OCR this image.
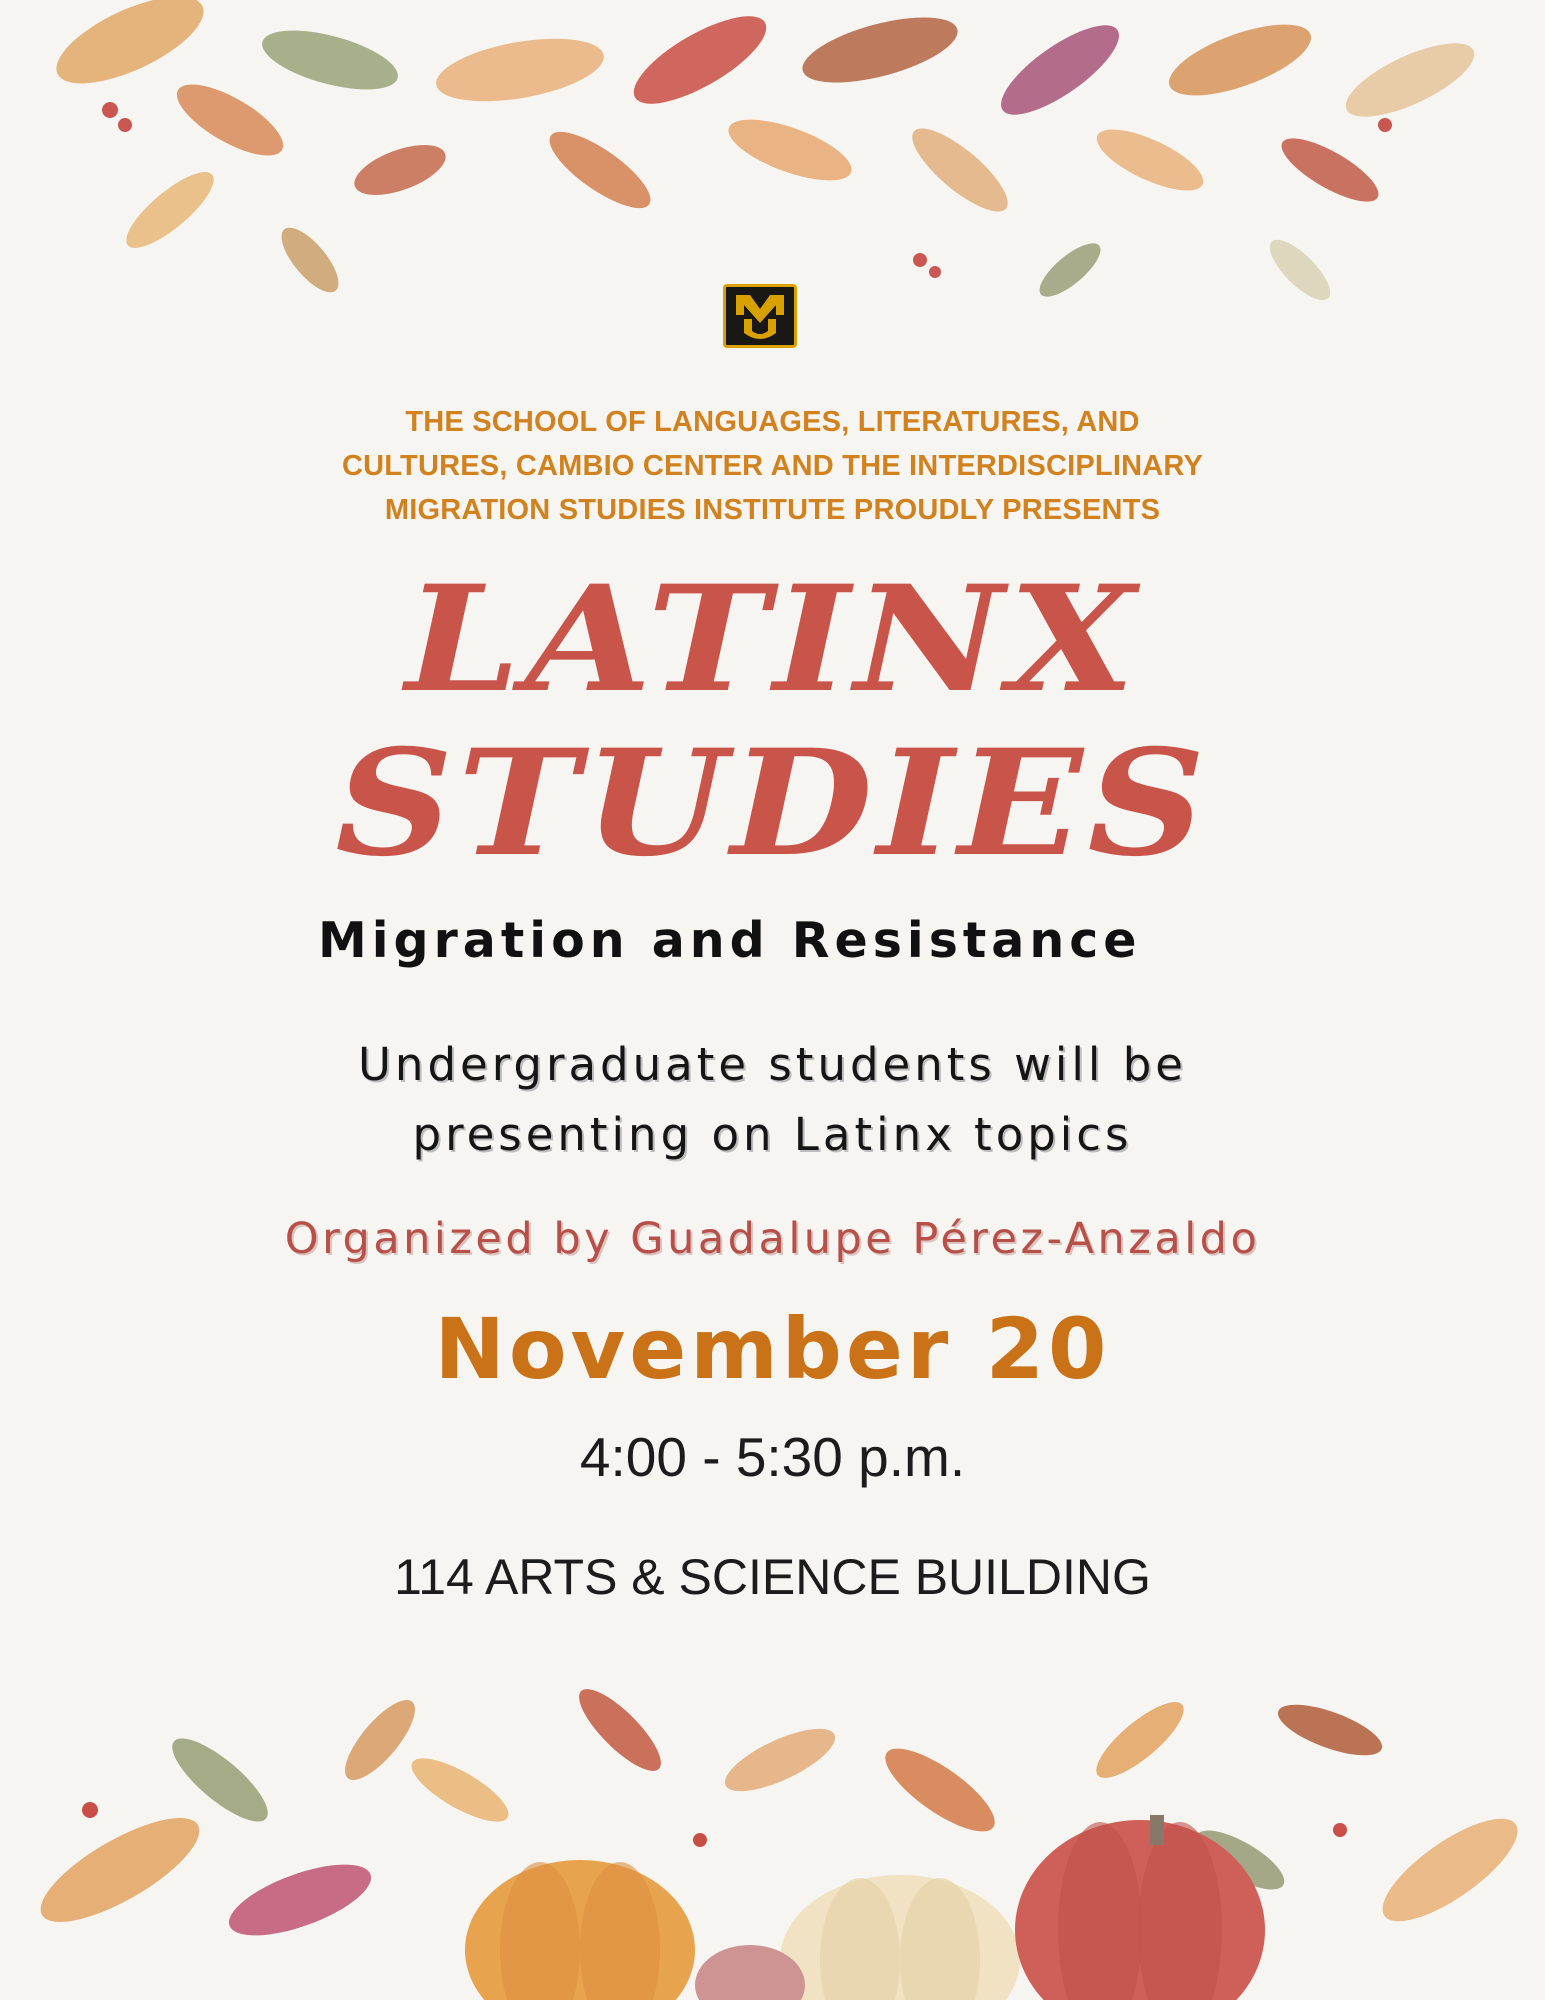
THE SCHOOL OF LANGUAGES, LITERATURES, AND
CULTURES, CAMBIO CENTER AND THE INTERDISCIPLINARY
MIGRATION STUDIES INSTITUTE PROUDLY PRESENTS
LATINX
STUDIES
Migration and Resistance
Undergraduate students will be
presenting on Latinx topics
Organized by Guadalupe Pérez-Anzaldo
November 20
4:00 - 5:30 p.m.
114 ARTS & SCIENCE BUILDING
